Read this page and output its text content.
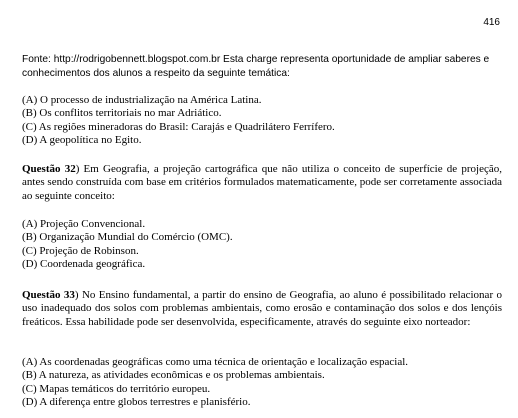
416
Fonte: http://rodrigobennett.blogspot.com.br Esta charge representa oportunidade de ampliar saberes e
conhecimentos dos alunos a respeito da seguinte temática:
(A) O processo de industrialização na América Latina.
(B) Os conflitos territoriais no mar Adriático.
(C) As regiões mineradoras do Brasil: Carajás e Quadrilátero Ferrífero.
(D) A geopolítica no Egito.

Questão 32) Em Geografia, a projeção cartográfica que não utiliza o conceito de superfície de projeção, antes sendo construída com base em critérios formulados matematicamente, pode ser corretamente associada ao seguinte conceito:

(A) Projeção Convencional.
(B) Organização Mundial do Comércio (OMC).
(C) Projeção de Robinson.
(D) Coordenada geográfica.

Questão 33) No Ensino fundamental, a partir do ensino de Geografia, ao aluno é possibilitado relacionar o uso inadequado dos solos com problemas ambientais, como erosão e contaminação dos solos e dos lençóis freáticos. Essa habilidade pode ser desenvolvida, especificamente, através do seguinte eixo norteador:

(A) As coordenadas geográficas como uma técnica de orientação e localização espacial.
(B) A natureza, as atividades econômicas e os problemas ambientais.
(C) Mapas temáticos do território europeu.
(D) A diferença entre globos terrestres e planisfério.
